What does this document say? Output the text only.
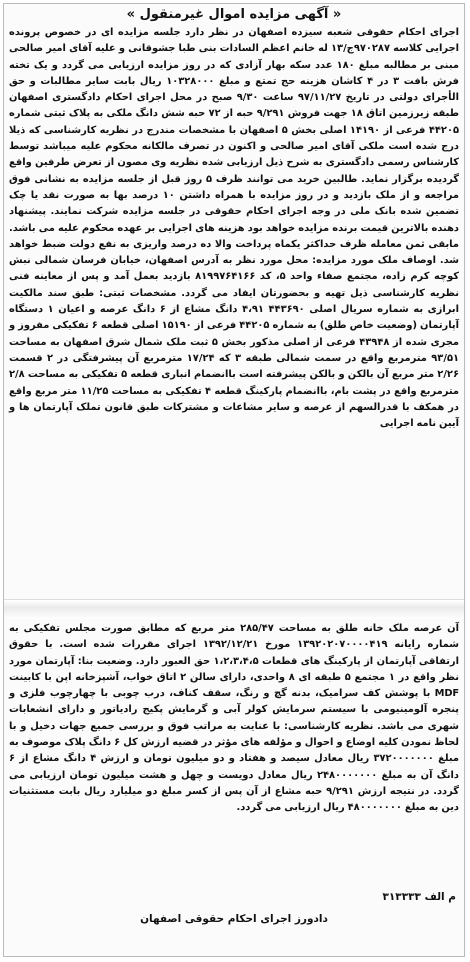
« آگهی مزایده اموال غیرمنقول »
اجرای احکام حقوقی شعبه سیزده اصفهان در نظر دارد جلسه مزایده ای در خصوص پرونده اجرایی کلاسه ۹۷۰۲۸۷ج/۱۳ له خانم اعظم السادات بنی طبا جشوقانی و علیه آقای امیر صالحی مبنی بر مطالبه مبلغ ۱۸۰ عدد سکه بهار آزادی که در روز مزایده ارزیابی می گردد و یک تخته فرش بافت ۳ در ۴ کاشان هزینه حج تمتع و مبلغ ۱۰۳۲۸۰۰۰ ریال بابت سایر مطالبات و حق الأجرای دولتی در تاریخ ۹۷/۱۱/۲۷ ساعت ۹/۳۰ صبح در محل اجرای احکام دادگستری اصفهان طبقه زیرزمین اتاق ۱۸ جهت فروش ۹/۲۹۱ حبه از ۷۲ حبه شش دانگ ملکی به پلاک ثبتی شماره ۴۴۲۰۵ فرعی از ۱۴۱۹۰ اصلی بخش ۵ اصفهان با مشخصات مندرج در نظریه کارشناسی که ذیلا درج شده است ملکی آقای امیر صالحی و اکنون در تصرف مالکانه محکوم علیه میباشد توسط کارشناس رسمی دادگستری به شرح ذیل ارزیابی شده نظریه وی مصون از تعرض طرفین واقع گردیده برگزار نماید. طالبین خرید می توانند ظرف ۵ روز قبل از جلسه مزایده به نشانی فوق مراجعه و از ملک بازدید و در روز مزایده با همراه داشتن ۱۰ درصد بها به صورت نقد یا چک تضمین شده بانک ملی در وجه اجرای احکام حقوقی در جلسه مزایده شرکت نمایند. پیشنهاد دهنده بالاترین قیمت برنده مزایده خواهد بود هزینه های اجرایی بر عهده محکوم علیه می باشد. مابقی ثمن معامله ظرف حداکثر یکماه پرداخت والا ده درصد واریزی به نفع دولت ضبط خواهد شد. اوصاف ملک مورد مزایده: محل مورد نظر به آدرس اصفهان، خیابان فرسان شمالی نبش کوچه کرم زاده، مجتمع صفاء واحد ۵، کد ۸۱۹۹۷۶۴۱۶۶ بازدید بعمل آمد و پس از معاینه فنی نظریه کارشناسی ذیل تهیه و بحضورتان ایفاد می گردد. مشخصات ثبتی: طبق سند مالکیت ابرازی به شماره سریال اصلی ۴۴۳۶۹۰ ۴،۹۱ دانگ مشاع از ۶ دانگ عرصه و اعیان ۱ دستگاه آپارتمان (وضعیت خاص طلق) به شماره ۴۴۲۰۵ فرعی از ۱۵۱۹۰ اصلی قطعه ۶ تفکیکی مفروز و مجری شده از ۴۳۹۴۸ فرعی از اصلی مذکور بخش ۵ ثبت ملک شمال شرق اصفهان به مساحت ۹۳/۵۱ مترمربع واقع در سمت شمالی طبقه ۳ که ۱۷/۲۴ مترمربع آن پیشرفتگی در ۲ قسمت ۲/۲۶ متر مربع آن بالکن و بالکن پیشرفته است باانضمام انباری قطعه ۵ تفکیکی به مساحت ۲/۸ مترمربع واقع در پشت بام، باانضمام پارکینگ قطعه ۴ تفکیکی به مساحت ۱۱/۲۵ متر مربع واقع در همکف با قدرالسهم از عرصه و سایر مشاعات و مشترکات طبق قانون تملک آپارتمان ها و آیین نامه اجرایی
آن عرصه ملک خانه طلق به مساحت ۲۸۵/۴۷ متر مربع که مطابق صورت مجلس تفکیکی به شماره رایانه ۱۳۹۲۰۲۰۷۰۰۰۰۴۱۹ مورخ ۱۳۹۲/۱۲/۲۱ اجرای مقررات شده است. با حقوق ارتفاقی آپارتمان از پارکینگ های قطعات ۱،۲،۳،۴،۵ حق العبور دارد. وضعیت بنا: آپارتمان مورد نظر واقع در ۱ مجتمع ۵ طبقه ای ۸ واحدی، دارای سالن ۲ اتاق خواب، آشپزخانه اپن با کابینت MDF با پوشش کف سرامیک، بدنه گچ و رنگ، سقف کناف، درب چوبی با چهارچوب فلزی و پنجره آلومینیومی با سیستم سرمایش کولر آبی و گرمایش پکیج رادیاتور و دارای انشعابات شهری می باشد. نظریه کارشناسی: با عنایت به مراتب فوق و بررسی جمیع جهات دخیل و با لحاظ نمودن کلیه اوضاع و احوال و مؤلفه های مؤثر در قضیه ارزش کل ۶ دانگ پلاک موصوف به مبلغ ۳۷۲۰۰۰۰۰۰۰ ریال معادل سیصد و هفتاد و دو میلیون تومان و ارزش ۴ دانگ مشاع از ۶ دانگ آن به مبلغ ۲۴۸۰۰۰۰۰۰۰ ریال معادل دویست و چهل و هشت میلیون تومان ارزیابی می گردد. در نتیجه ارزش ۹/۲۹۱ حبه مشاع از آن پس از کسر مبلغ دو میلیارد ریال بابت مستثنیات دین به مبلغ ۴۸۰۰۰۰۰۰۰ ریال ارزیابی می گردد.
م الف ۳۱۳۳۳۳
دادورز اجرای احکام حقوقی اصفهان
